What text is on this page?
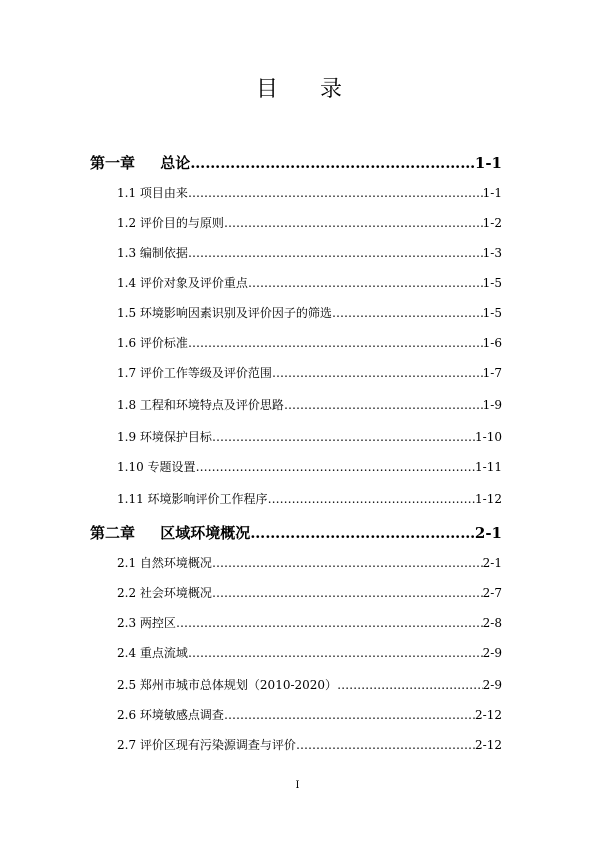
目 录
第一章 总论 ……………………………………………………………………………………………………………………………………………………………………	1-1
1.1 项目由来 ……………………………………………………………………………………………………………………………………………………………………	1-1
1.2 评价目的与原则 ……………………………………………………………………………………………………………………………………………………………………	1-2
1.3 编制依据 ……………………………………………………………………………………………………………………………………………………………………	1-3
1.4 评价对象及评价重点 ……………………………………………………………………………………………………………………………………………………………………	1-5
1.5 环境影响因素识别及评价因子的筛选 ……………………………………………………………………………………………………………………………………………………………………	1-5
1.6 评价标准 ……………………………………………………………………………………………………………………………………………………………………	1-6
1.7 评价工作等级及评价范围 ……………………………………………………………………………………………………………………………………………………………………	1-7
1.8 工程和环境特点及评价思路 ……………………………………………………………………………………………………………………………………………………………………	1-9
1.9 环境保护目标 ……………………………………………………………………………………………………………………………………………………………………	1-10
1.10 专题设置 ……………………………………………………………………………………………………………………………………………………………………	1-11
1.11 环境影响评价工作程序 ……………………………………………………………………………………………………………………………………………………………………	1-12
第二章 区域环境概况 ……………………………………………………………………………………………………………………………………………………………………	2-1
2.1 自然环境概况 ……………………………………………………………………………………………………………………………………………………………………	2-1
2.2 社会环境概况 ……………………………………………………………………………………………………………………………………………………………………	2-7
2.3 两控区 ……………………………………………………………………………………………………………………………………………………………………	2-8
2.4 重点流域 ……………………………………………………………………………………………………………………………………………………………………	2-9
2.5 郑州市城市总体规划（2010-2020） ……………………………………………………………………………………………………………………………………………………………………	2-9
2.6 环境敏感点调查 ……………………………………………………………………………………………………………………………………………………………………	2-12
2.7 评价区现有污染源调查与评价 ……………………………………………………………………………………………………………………………………………………………………	2-12
I
